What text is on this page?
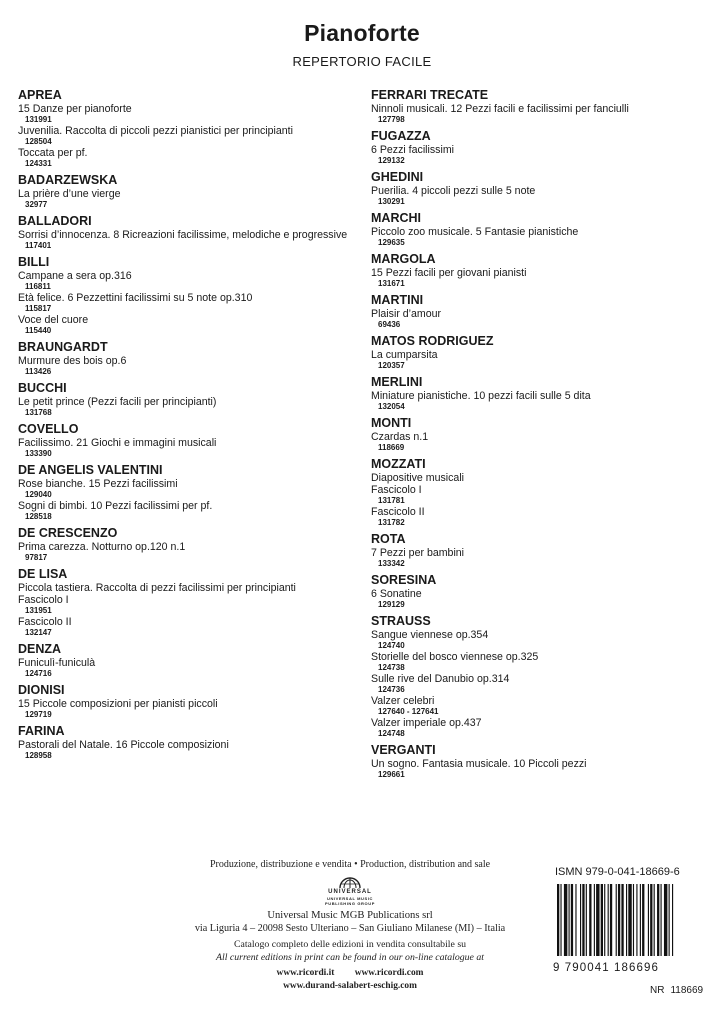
Pianoforte
REPERTORIO FACILE
APREA
15 Danze per pianoforte
131991
Juvenilia. Raccolta di piccoli pezzi pianistici per principianti
128504
Toccata per pf.
124331
BADARZEWSKA
La prière d’une vierge
32977
BALLADORI
Sorrisi d’innocenza. 8 Ricreazioni facilissime, melodiche e progressive
117401
BILLI
Campane a sera op.316
116811
Età felice. 6 Pezzettini facilissimi su 5 note op.310
115817
Voce del cuore
115440
BRAUNGARDT
Murmure des bois op.6
113426
BUCCHI
Le petit prince (Pezzi facili per principianti)
131768
COVELLO
Facilissimo. 21 Giochi e immagini musicali
133390
DE ANGELIS VALENTINI
Rose bianche. 15 Pezzi facilissimi
129040
Sogni di bimbi. 10 Pezzi facilissimi per pf.
128518
DE CRESCENZO
Prima carezza. Notturno op.120 n.1
97817
DE LISA
Piccola tastiera. Raccolta di pezzi facilissimi per principianti
Fascicolo I
131951
Fascicolo II
132147
DENZA
Funiculì-funiculà
124716
DIONISI
15 Piccole composizioni per pianisti piccoli
129719
FARINA
Pastorali del Natale. 16 Piccole composizioni
128958
FERRARI TRECATE
Ninnoli musicali. 12 Pezzi facili e facilissimi per fanciulli
127798
FUGAZZA
6 Pezzi facilissimi
129132
GHEDINI
Puerilia. 4 piccoli pezzi sulle 5 note
130291
MARCHI
Piccolo zoo musicale. 5 Fantasie pianistiche
129635
MARGOLA
15 Pezzi facili per giovani pianisti
131671
MARTINI
Plaisir d’amour
69436
MATOS RODRIGUEZ
La cumparsita
120357
MERLINI
Miniature pianistiche. 10 pezzi facili sulle 5 dita
132054
MONTI
Czardas n.1
118669
MOZZATI
Diapositive musicali
Fascicolo I
131781
Fascicolo II
131782
ROTA
7 Pezzi per bambini
133342
SORESINA
6 Sonatine
129129
STRAUSS
Sangue viennese op.354
124740
Storielle del bosco viennese op.325
124738
Sulle rive del Danubio op.314
124736
Valzer celebri
127640 - 127641
Valzer imperiale op.437
124748
VERGANTI
Un sogno. Fantasia musicale. 10 Piccoli pezzi
129661
Produzione, distribuzione e vendita • Production, distribution and sale
UNIVERSAL
UNIVERSAL MUSIC PUBLISHING GROUP
Universal Music MGB Publications srl
via Liguria 4 – 20098 Sesto Ulteriano – San Giuliano Milanese (MI) – Italia
Catalogo completo delle edizioni in vendita consultabile su
All current editions in print can be found in our on-line catalogue at
www.ricordi.it www.ricordi.com
www.durand-salabert-eschig.com
ISMN 979-0-041-18669-6
9 790041 186696
NR 118669
